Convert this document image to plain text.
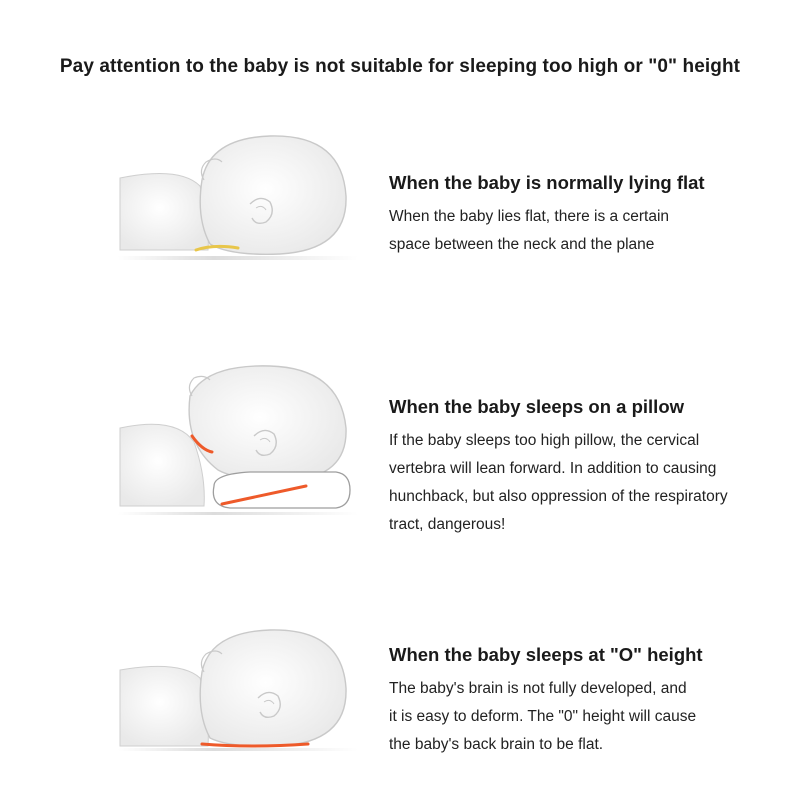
Pay attention to the baby is not suitable for sleeping too high or "0" height
When the baby is normally lying flat
When the baby lies flat, there is a certain
space between the neck and the plane
When the baby sleeps on a pillow
If the baby sleeps too high pillow, the cervical
vertebra will lean forward. In addition to causing
hunchback, but also oppression of the respiratory
tract, dangerous!
When the baby sleeps at "O" height
The baby's brain is not fully developed, and
it is easy to deform. The "0" height will cause
the baby's back brain to be flat.
